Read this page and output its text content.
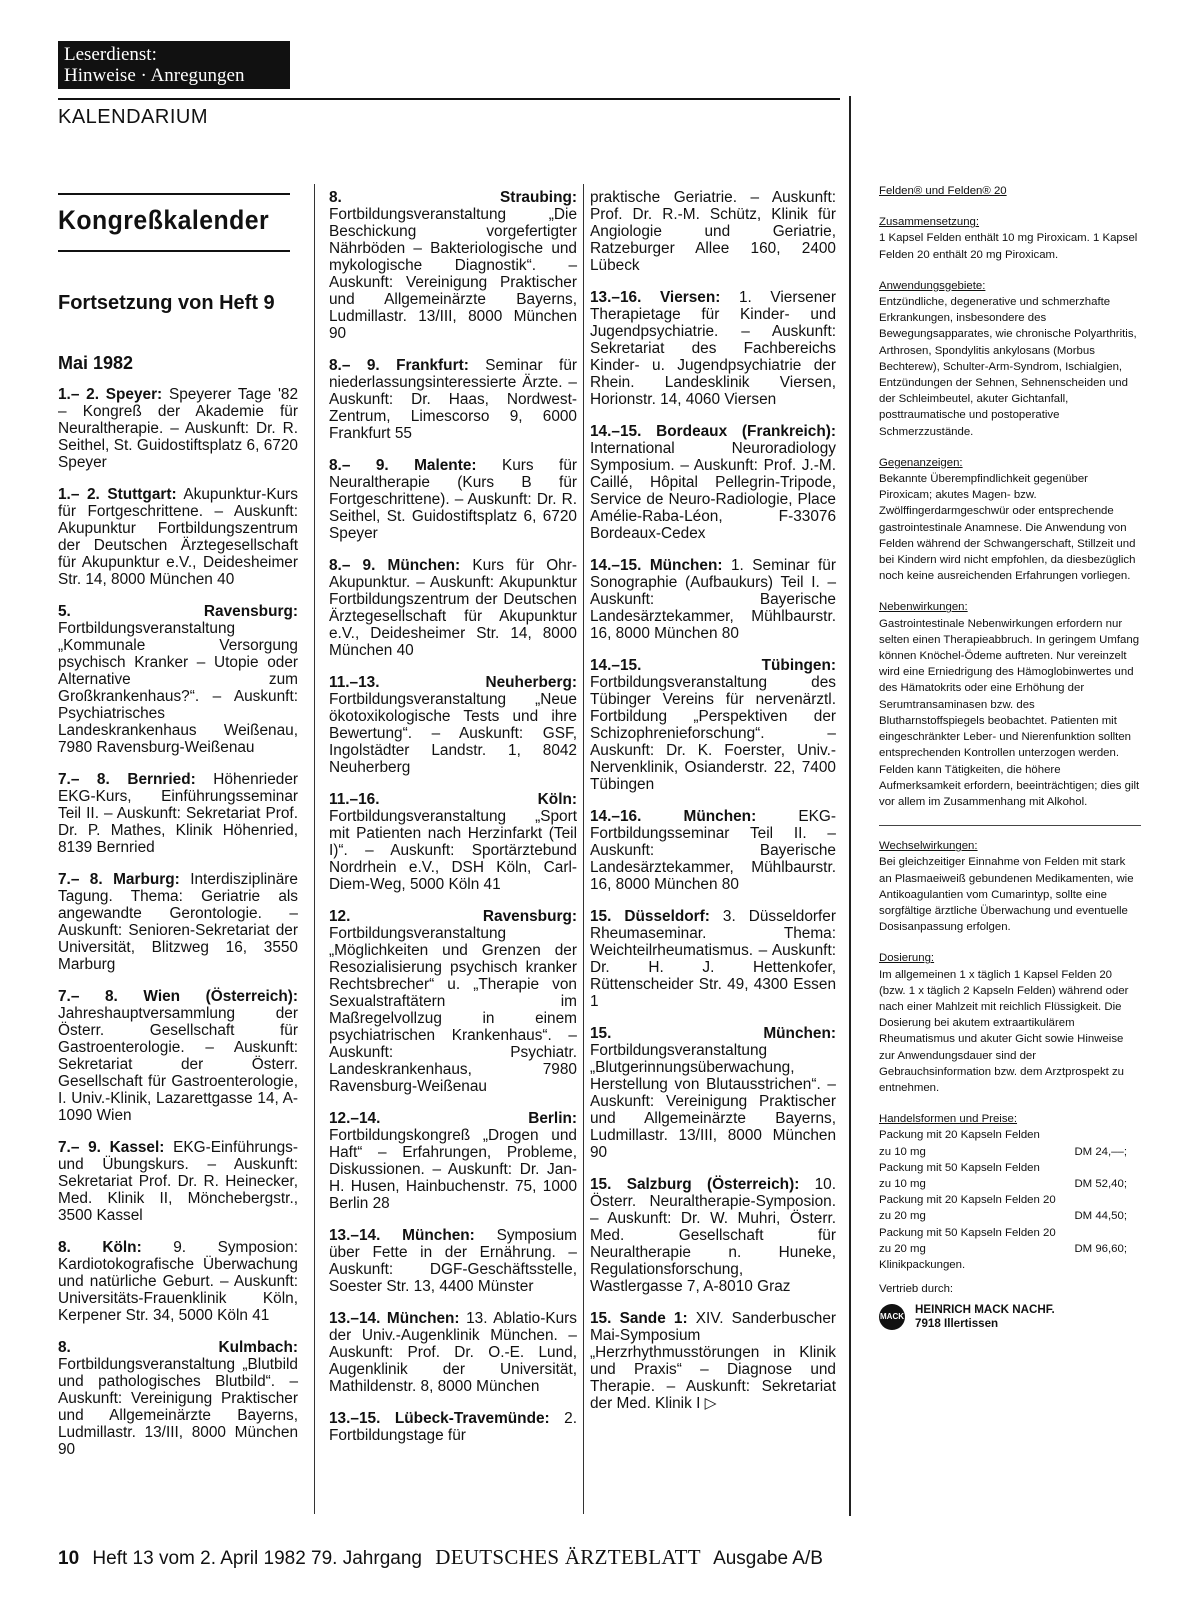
Leserdienst:
Hinweise · Anregungen
KALENDARIUM
Kongreßkalender
Fortsetzung von Heft 9
Mai 1982

1.– 2. Speyer: Speyerer Tage '82 – Kongreß der Akademie für Neuraltherapie. – Auskunft: Dr. R. Seithel, St. Guidostiftsplatz 6, 6720 Speyer

1.– 2. Stuttgart: Akupunktur-Kurs für Fortgeschrittene. – Auskunft: Akupunktur Fortbildungszentrum der Deutschen Ärztegesellschaft für Akupunktur e.V., Deidesheimer Str. 14, 8000 München 40

5.	Ravensburg: Fortbildungsveranstaltung „Kommunale Versorgung psychisch Kranker – Utopie oder Alternative zum Großkrankenhaus?“. – Auskunft: Psychiatrisches Landeskrankenhaus Weißenau, 7980 Ravensburg-Weißenau

7.– 8. Bernried: Höhenrieder EKG-Kurs, Einführungsseminar Teil II. – Auskunft: Sekretariat Prof. Dr. P. Mathes, Klinik Höhenried, 8139 Bernried

7.– 8. Marburg: Interdisziplinäre Tagung. Thema: Geriatrie als angewandte Gerontologie. – Auskunft: Senioren-Sekretariat der Universität, Blitzweg 16, 3550 Marburg

7.– 8. Wien (Österreich): Jahreshauptversammlung der Österr. Gesellschaft für Gastroenterologie. – Auskunft: Sekretariat der Österr. Gesellschaft für Gastroenterologie, I. Univ.-Klinik, Lazarettgasse 14, A-1090 Wien

7.– 9. Kassel: EKG-Einführungs- und Übungskurs. – Auskunft: Sekretariat Prof. Dr. R. Heinecker, Med. Klinik II, Mönchebergstr., 3500 Kassel

8. Köln: 9. Symposion: Kardiotokografische Überwachung und natürliche Geburt. – Auskunft: Universitäts-Frauenklinik Köln, Kerpener Str. 34, 5000 Köln 41

8.	Kulmbach: Fortbildungsveranstaltung „Blutbild und pathologisches Blutbild“. – Auskunft: Vereinigung Praktischer und Allgemeinärzte Bayerns, Ludmillastr. 13/III, 8000 München 90

8.	Straubing: Fortbildungsveranstaltung „Die Beschickung vorgefertigter Nährböden – Bakteriologische und mykologische Diagnostik“. – Auskunft: Vereinigung Praktischer und Allgemeinärzte Bayerns, Ludmillastr. 13/III, 8000 München 90

8.– 9. Frankfurt: Seminar für niederlassungsinteressierte Ärzte. – Auskunft: Dr. Haas, Nordwest-Zentrum, Limescorso 9, 6000 Frankfurt 55

8.– 9. Malente: Kurs für Neuraltherapie (Kurs B für Fortgeschrittene). – Auskunft: Dr. R. Seithel, St. Guidostiftsplatz 6, 6720 Speyer

8.– 9. München: Kurs für Ohr-Akupunktur. – Auskunft: Akupunktur Fortbildungszentrum der Deutschen Ärztegesellschaft für Akupunktur e.V., Deidesheimer Str. 14, 8000 München 40

11.–13.	Neuherberg: Fortbildungsveranstaltung „Neue ökotoxikologische Tests und ihre Bewertung“. – Auskunft: GSF, Ingolstädter Landstr. 1, 8042 Neuherberg

11.–16.	Köln: Fortbildungsveranstaltung „Sport mit Patienten nach Herzinfarkt (Teil I)“. – Auskunft: Sportärztebund Nordrhein e.V., DSH Köln, Carl-Diem-Weg, 5000 Köln 41

12.	Ravensburg: Fortbildungsveranstaltung „Möglichkeiten und Grenzen der Resozialisierung psychisch kranker Rechtsbrecher“ u. „Therapie von Sexualstraftätern im Maßregelvollzug in einem psychiatrischen Krankenhaus“. – Auskunft: Psychiatr. Landeskrankenhaus, 7980 Ravensburg-Weißenau

12.–14.	Berlin: Fortbildungskongreß „Drogen und Haft“ – Erfahrungen, Probleme, Diskussionen. – Auskunft: Dr. Jan-H. Husen, Hainbuchenstr. 75, 1000 Berlin 28

13.–14. München: Symposium über Fette in der Ernährung. – Auskunft: DGF-Geschäftsstelle, Soester Str. 13, 4400 Münster

13.–14. München: 13. Ablatio-Kurs der Univ.-Augenklinik München. – Auskunft: Prof. Dr. O.-E. Lund, Augenklinik der Universität, Mathildenstr. 8, 8000 München

13.–15. Lübeck-Travemünde: 2. Fortbildungstage für

praktische Geriatrie. – Auskunft: Prof. Dr. R.-M. Schütz, Klinik für Angiologie und Geriatrie, Ratzeburger Allee 160, 2400 Lübeck

13.–16. Viersen: 1. Viersener Therapietage für Kinder- und Jugendpsychiatrie. – Auskunft: Sekretariat des Fachbereichs Kinder- u. Jugendpsychiatrie der Rhein. Landesklinik Viersen, Horionstr. 14, 4060 Viersen

14.–15. Bordeaux (Frankreich): International Neuroradiology Symposium. – Auskunft: Prof. J.-M. Caillé, Hôpital Pellegrin-Tripode, Service de Neuro-Radiologie, Place Amélie-Raba-Léon, F-33076 Bordeaux-Cedex

14.–15. München: 1. Seminar für Sonographie (Aufbaukurs) Teil I. – Auskunft: Bayerische Landesärztekammer, Mühlbaurstr. 16, 8000 München 80

14.–15.	Tübingen: Fortbildungsveranstaltung des Tübinger Vereins für nervenärztl. Fortbildung „Perspektiven der Schizophrenieforschung“. – Auskunft: Dr. K. Foerster, Univ.-Nervenklinik, Osianderstr. 22, 7400 Tübingen

14.–16.	München:	EKG-Fortbildungsseminar Teil II. – Auskunft: Bayerische Landesärztekammer, Mühlbaurstr. 16, 8000 München 80

15. Düsseldorf: 3. Düsseldorfer Rheumaseminar. Thema: Weichteilrheumatismus. – Auskunft: Dr. H. J. Hettenkofer, Rüttenscheider Str. 49, 4300 Essen 1

15.	München: Fortbildungsveranstaltung „Blutgerinnungsüberwachung, Herstellung von Blutausstrichen“. – Auskunft: Vereinigung Praktischer und Allgemeinärzte Bayerns, Ludmillastr. 13/III, 8000 München 90

15. Salzburg (Österreich): 10. Österr. Neuraltherapie-Symposion. – Auskunft: Dr. W. Muhri, Österr. Med. Gesellschaft für Neuraltherapie n. Huneke, Regulationsforschung, Wastlergasse 7, A-8010 Graz

15. Sande 1: XIV. Sanderbuscher Mai-Symposium „Herzrhythmusstörungen in Klinik und Praxis“ – Diagnose und Therapie. – Auskunft: Sekretariat der Med. Klinik I ▷

Felden® und Felden® 20
Zusammensetzung:
1 Kapsel Felden enthält 10 mg Piroxicam. 1 Kapsel Felden 20 enthält 20 mg Piroxicam.
Anwendungsgebiete:
Entzündliche, degenerative und schmerzhafte Erkrankungen, insbesondere des Bewegungsapparates, wie chronische Polyarthritis, Arthrosen, Spondylitis ankylosans (Morbus Bechterew), Schulter-Arm-Syndrom, Ischialgien, Entzündungen der Sehnen, Sehnenscheiden und der Schleimbeutel, akuter Gichtanfall, posttraumatische und postoperative Schmerzzustände.
Gegenanzeigen:
Bekannte Überempfindlichkeit gegenüber Piroxicam; akutes Magen- bzw. Zwölffingerdarmgeschwür oder entsprechende gastrointestinale Anamnese. Die Anwendung von Felden während der Schwangerschaft, Stillzeit und bei Kindern wird nicht empfohlen, da diesbezüglich noch keine ausreichenden Erfahrungen vorliegen.
Nebenwirkungen:
Gastrointestinale Nebenwirkungen erfordern nur selten einen Therapieabbruch. In geringem Umfang können Knöchel-Ödeme auftreten. Nur vereinzelt wird eine Erniedrigung des Hämoglobinwertes und des Hämatokrits oder eine Erhöhung der Serumtransaminasen bzw. des Blutharnstoffspiegels beobachtet. Patienten mit eingeschränkter Leber- und Nierenfunktion sollten entsprechenden Kontrollen unterzogen werden. Felden kann Tätigkeiten, die höhere Aufmerksamkeit erfordern, beeinträchtigen; dies gilt vor allem im Zusammenhang mit Alkohol.
Wechselwirkungen:
Bei gleichzeitiger Einnahme von Felden mit stark an Plasmaeiweiß gebundenen Medikamenten, wie Antikoagulantien vom Cumarintyp, sollte eine sorgfältige ärztliche Überwachung und eventuelle Dosisanpassung erfolgen.
Dosierung:
Im allgemeinen 1 x täglich 1 Kapsel Felden 20 (bzw. 1 x täglich 2 Kapseln Felden) während oder nach einer Mahlzeit mit reichlich Flüssigkeit. Die Dosierung bei akutem extraartikulärem Rheumatismus und akuter Gicht sowie Hinweise zur Anwendungsdauer sind der Gebrauchsinformation bzw. dem Arztprospekt zu entnehmen.
Handelsformen und Preise:
Packung mit 20 Kapseln Felden
zu 10 mg	DM 24,––;
Packung mit 50 Kapseln Felden
zu 10 mg	DM 52,40;
Packung mit 20 Kapseln Felden 20
zu 20 mg	DM 44,50;
Packung mit 50 Kapseln Felden 20
zu 20 mg	DM 96,60;
Klinikpackungen.
Vertrieb durch:
MACK
HEINRICH MACK NACHF.
7918 Illertissen
10 Heft 13 vom 2. April 1982 79. Jahrgang DEUTSCHES ÄRZTEBLATT Ausgabe A/B
